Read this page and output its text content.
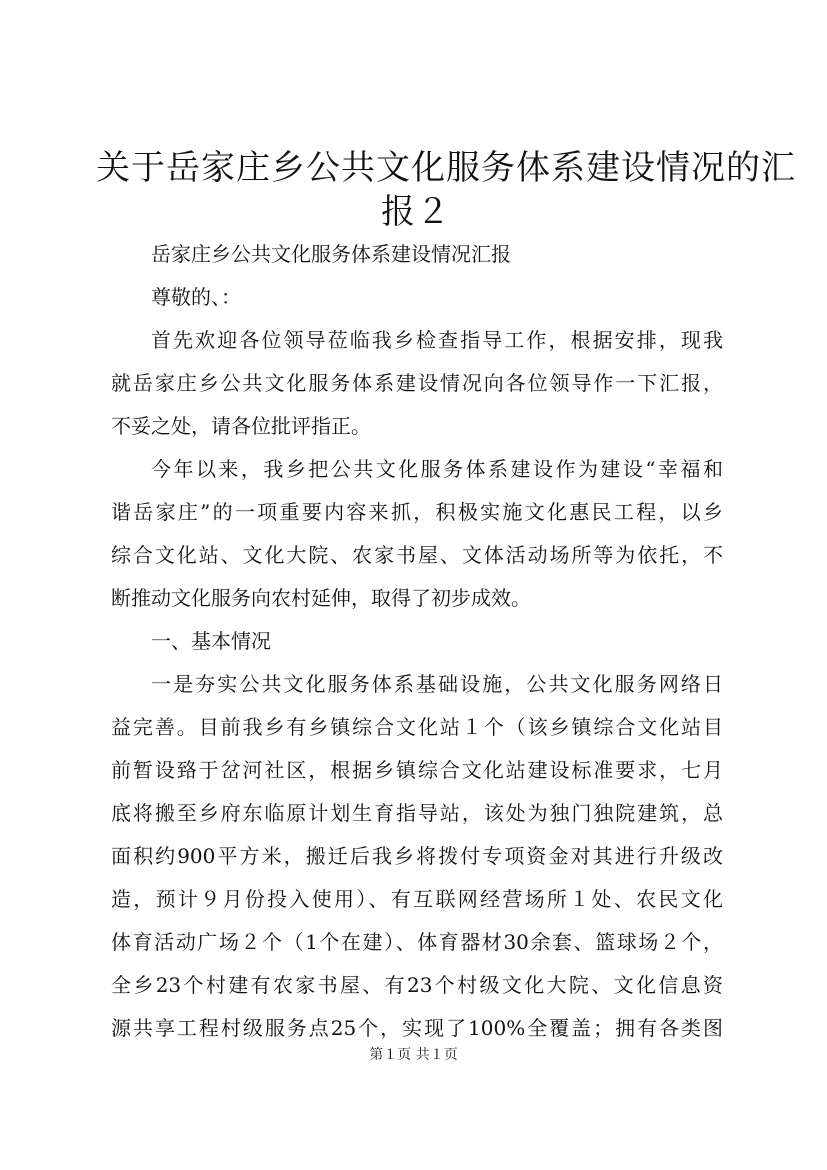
关于岳家庄乡公共文化服务体系建设情况的汇
报２

岳家庄乡公共文化服务体系建设情况汇报

尊敬的、：

首先欢迎各位领导莅临我乡检查指导工作，根据安排，现我

就岳家庄乡公共文化服务体系建设情况向各位领导作一下汇报，

不妥之处，请各位批评指正。

今年以来，我乡把公共文化服务体系建设作为建设“幸福和

谐岳家庄”的一项重要内容来抓，积极实施文化惠民工程，以乡

综合文化站、文化大院、农家书屋、文体活动场所等为依托，不

断推动文化服务向农村延伸，取得了初步成效。

一、基本情况

一是夯实公共文化服务体系基础设施，公共文化服务网络日

益完善。目前我乡有乡镇综合文化站１个（该乡镇综合文化站目

前暂设臵于岔河社区，根据乡镇综合文化站建设标准要求，七月

底将搬至乡府东临原计划生育指导站，该处为独门独院建筑，总

面积约900平方米，搬迁后我乡将拨付专项资金对其进行升级改

造，预计９月份投入使用）、有互联网经营场所１处、农民文化

体育活动广场２个（1个在建）、体育器材30余套、篮球场２个，

全乡23个村建有农家书屋、有23个村级文化大院、文化信息资

源共享工程村级服务点25个，实现了100%全覆盖；拥有各类图

第１页 共１页
